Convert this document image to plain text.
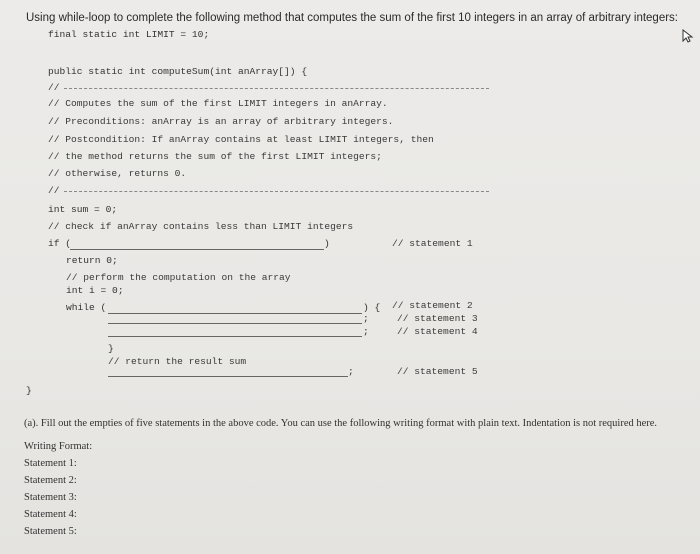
Using while-loop to complete the following method that computes the sum of the first 10 integers in an array of arbitrary integers:
final static int LIMIT = 10;
public static int computeSum(int anArray[]) {
//
// Computes the sum of the first LIMIT integers in anArray.
// Preconditions: anArray is an array of arbitrary integers.
// Postcondition: If anArray contains at least LIMIT integers, then
// the method returns the sum of the first LIMIT integers;
// otherwise, returns 0.
//
int sum = 0;
// check if anArray contains less than LIMIT integers
if (	)	// statement 1
return 0;
// perform the computation on the array
int i = 0;
while (	) { // statement 2
;	// statement 3
;	// statement 4
}
// return the result sum
;	// statement 5
}
(a). Fill out the empties of five statements in the above code. You can use the following writing format with plain text. Indentation is not required here.
Writing Format:
Statement 1:
Statement 2:
Statement 3:
Statement 4:
Statement 5:
